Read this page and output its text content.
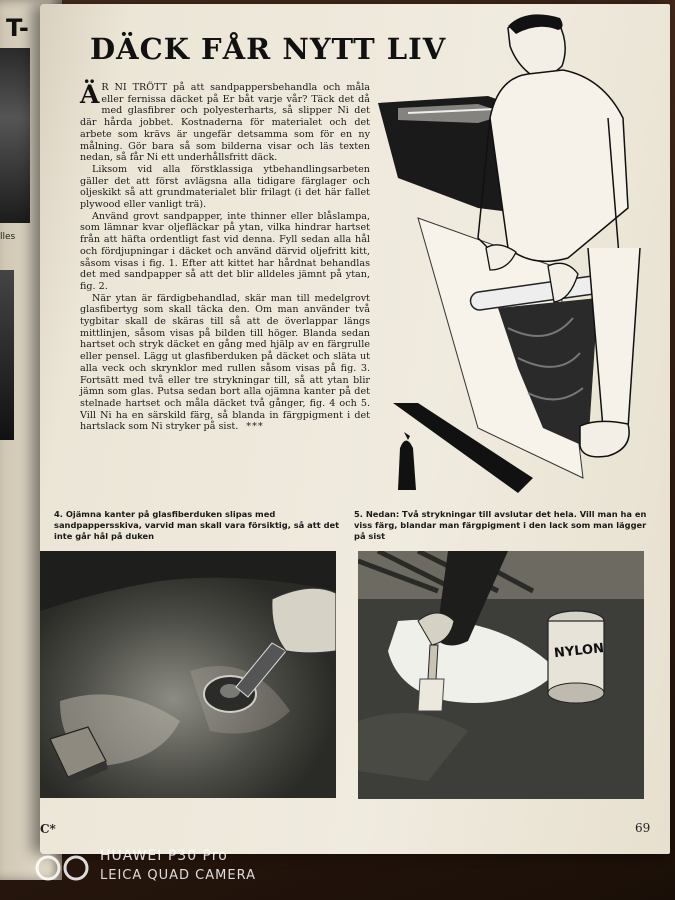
T-
lles
DÄCK FÅR NYTT LIV

Ä R NI TRÖTT på att sandpappersbehandla och måla eller fernissa däcket på Er båt varje vår? Täck det då med glasfibrer och polyesterharts, så slipper Ni det där hårda jobbet. Kostnaderna för materialet och det arbete som krävs är ungefär detsamma som för en ny målning. Gör bara så som bilderna visar och läs texten nedan, så får Ni ett underhållsfritt däck.

Liksom vid alla förstklassiga ytbehandlingsarbeten gäller det att först avlägsna alla tidigare färglager och oljeskikt så att grundmaterialet blir frilagt (i det här fallet plywood eller vanligt trä).

Använd grovt sandpapper, inte thinner eller blåslampa, som lämnar kvar oljefläckar på ytan, vilka hindrar hartset från att häfta ordentligt fast vid denna. Fyll sedan alla hål och fördjupningar i däcket och använd därvid oljefritt kitt, såsom visas i fig. 1. Efter att kittet har hårdnat behandlas det med sandpapper så att det blir alldeles jämnt på ytan, fig. 2.

När ytan är färdigbehandlad, skär man till medelgrovt glasfibertyg som skall täcka den. Om man använder två tygbitar skall de skäras till så att de överlappar längs mittlinjen, såsom visas på bilden till höger. Blanda sedan hartset och stryk däcket en gång med hjälp av en färgrulle eller pensel. Lägg ut glasfiberduken på däcket och släta ut alla veck och skrynklor med rullen såsom visas på fig. 3. Fortsätt med två eller tre strykningar till, så att ytan blir jämn som glas. Putsa sedan bort alla ojämna kanter på det stelnade hartset och måla däcket två gånger, fig. 4 och 5. Vill Ni ha en särskild färg, så blanda in färgpigment i det hartslack som Ni stryker på sist. ***

4. Ojämna kanter på glasfiberduken slipas med sandpappersskiva, varvid man skall vara försiktig, så att det inte går hål på duken
5. Nedan: Två strykningar till avslutar det hela. Vill man ha en viss färg, blandar man färgpigment i den lack som man lägger på sist
NYLON
C*	69
HUAWEI P30 Pro
LEICA QUAD CAMERA
